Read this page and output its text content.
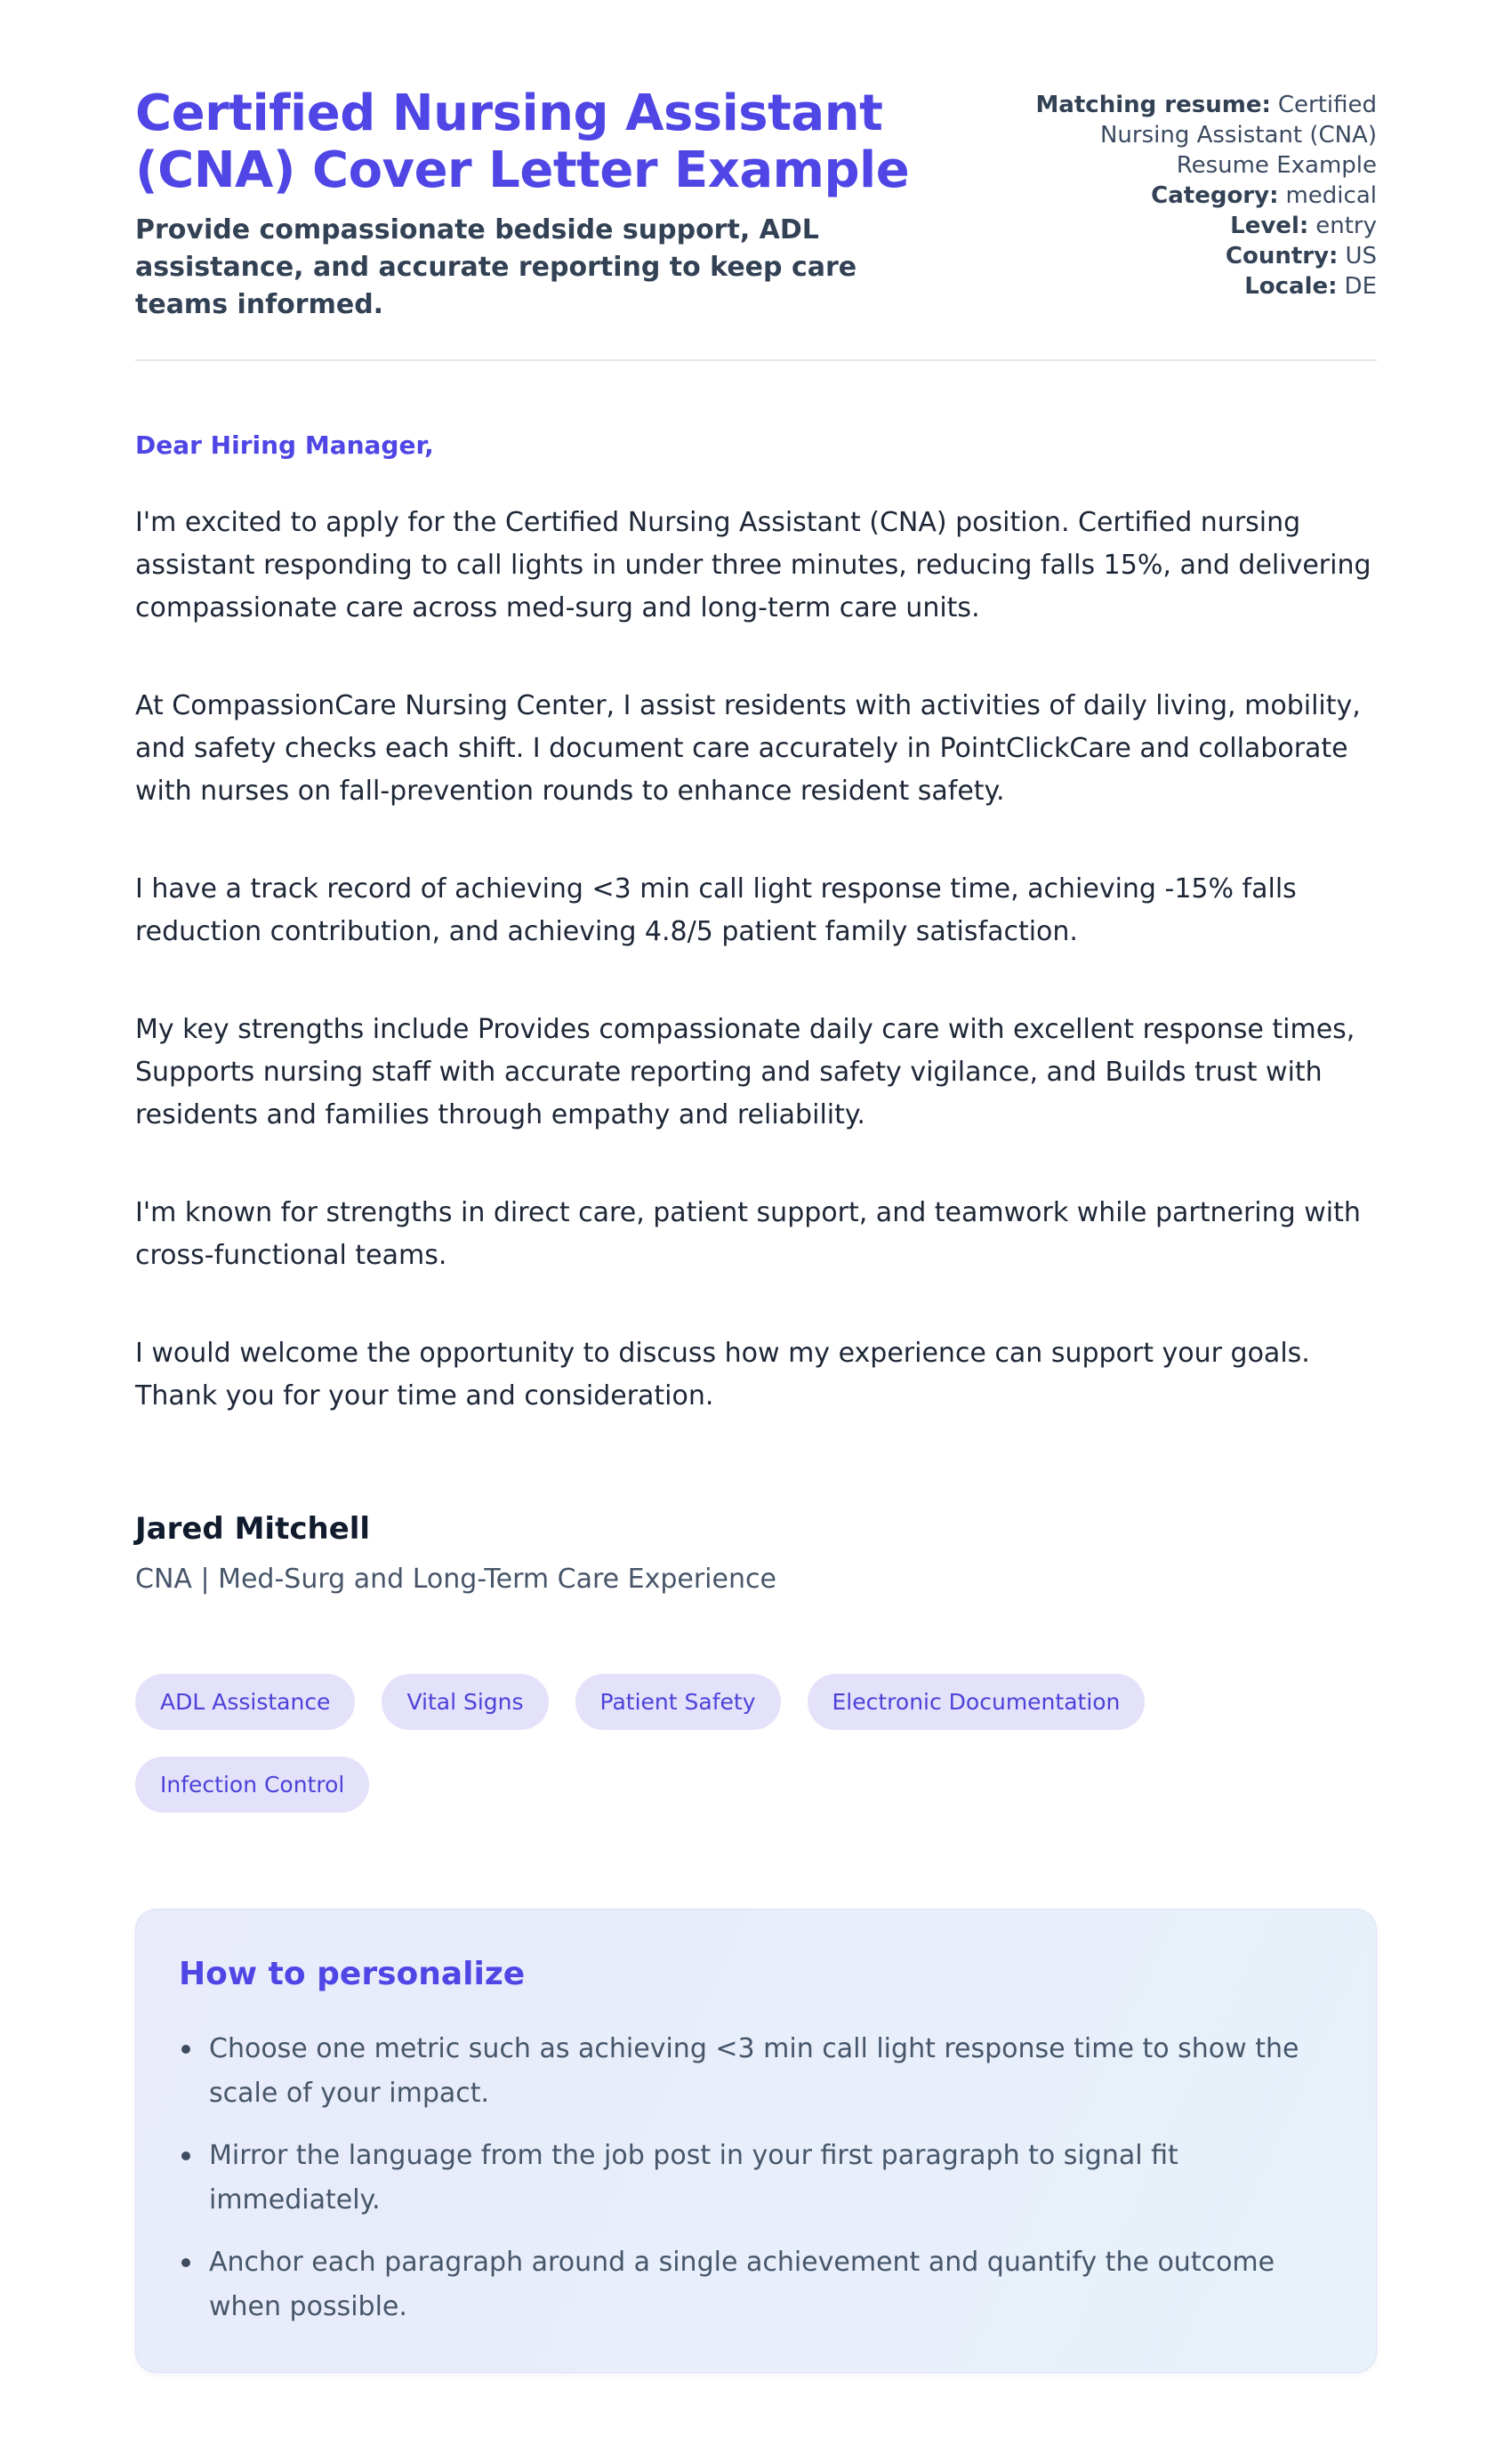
Certified Nursing Assistant (CNA) Cover Letter Example
Provide compassionate bedside support, ADL assistance, and accurate reporting to keep care teams informed.
Matching resume: Certified Nursing Assistant (CNA) Resume Example
Category: medical
Level: entry
Country: US
Locale: DE
Dear Hiring Manager,

I'm excited to apply for the Certified Nursing Assistant (CNA) position. Certified nursing assistant responding to call lights in under three minutes, reducing falls 15%, and delivering compassionate care across med-surg and long-term care units.

At CompassionCare Nursing Center, I assist residents with activities of daily living, mobility, and safety checks each shift. I document care accurately in PointClickCare and collaborate with nurses on fall-prevention rounds to enhance resident safety.

I have a track record of achieving <3 min call light response time, achieving -15% falls reduction contribution, and achieving 4.8/5 patient family satisfaction.

My key strengths include Provides compassionate daily care with excellent response times, Supports nursing staff with accurate reporting and safety vigilance, and Builds trust with residents and families through empathy and reliability.

I'm known for strengths in direct care, patient support, and teamwork while partnering with cross-functional teams.

I would welcome the opportunity to discuss how my experience can support your goals. Thank you for your time and consideration.

Jared Mitchell
CNA | Med-Surg and Long-Term Care Experience
ADL Assistance	Vital Signs	Patient Safety	Electronic Documentation
Infection Control
How to personalize
Choose one metric such as achieving <3 min call light response time to show the scale of your impact.
Mirror the language from the job post in your first paragraph to signal fit immediately.
Anchor each paragraph around a single achievement and quantify the outcome when possible.
